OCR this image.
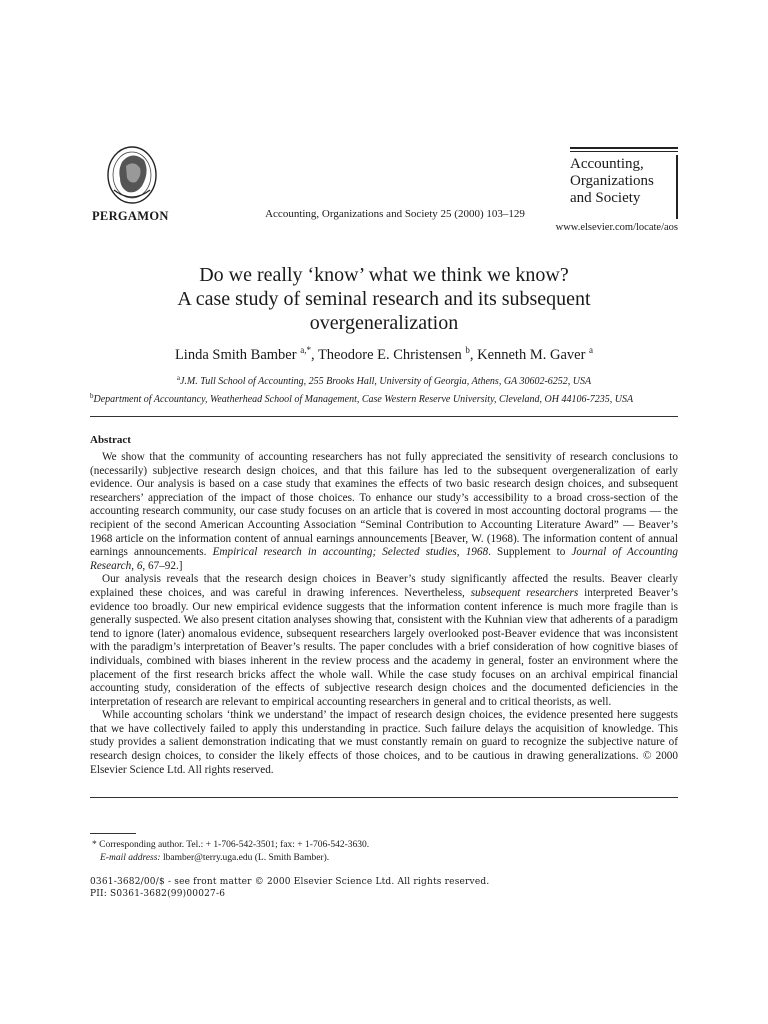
PERGAMON	Accounting, Organizations and Society 25 (2000) 103–129
Accounting,
Organizations
and Society
www.elsevier.com/locate/aos
Do we really ‘know’ what we think we know?
A case study of seminal research and its subsequent
overgeneralization
Linda Smith Bamber $^{a,*}$, Theodore E. Christensen $^b$, Kenneth M. Gaver $^a$
$^a$J.M. Tull School of Accounting, 255 Brooks Hall, University of Georgia, Athens, GA 30602-6252, USA
$^b$Department of Accountancy, Weatherhead School of Management, Case Western Reserve University, Cleveland, OH 44106-7235, USA
Abstract

We show that the community of accounting researchers has not fully appreciated the sensitivity of research conclusions to (necessarily) subjective research design choices, and that this failure has led to the subsequent overgeneralization of early evidence. Our analysis is based on a case study that examines the effects of two basic research design choices, and subsequent researchers’ appreciation of the impact of those choices. To enhance our study’s accessibility to a broad cross-section of the accounting research community, our case study focuses on an article that is covered in most accounting doctoral programs — the recipient of the second American Accounting Association “Seminal Contribution to Accounting Literature Award” — Beaver’s 1968 article on the information content of annual earnings announcements [Beaver, W. (1968). The information content of annual earnings announcements. Empirical research in accounting; Selected studies, 1968. Supplement to Journal of Accounting Research, 6, 67–92.]

Our analysis reveals that the research design choices in Beaver’s study significantly affected the results. Beaver clearly explained these choices, and was careful in drawing inferences. Nevertheless, subsequent researchers interpreted Beaver’s evidence too broadly. Our new empirical evidence suggests that the information content inference is much more fragile than is generally suspected. We also present citation analyses showing that, consistent with the Kuhnian view that adherents of a paradigm tend to ignore (later) anomalous evidence, subsequent researchers largely overlooked post-Beaver evidence that was inconsistent with the paradigm’s interpretation of Beaver’s results. The paper concludes with a brief consideration of how cognitive biases of individuals, combined with biases inherent in the review process and the academy in general, foster an environment where the placement of the first research bricks affect the whole wall. While the case study focuses on an archival empirical financial accounting study, consideration of the effects of subjective research design choices and the documented deficiencies in the interpretation of research are relevant to empirical accounting researchers in general and to critical theorists, as well.

While accounting scholars ‘think we understand’ the impact of research design choices, the evidence presented here suggests that we have collectively failed to apply this understanding in practice. Such failure delays the acquisition of knowledge. This study provides a salient demonstration indicating that we must constantly remain on guard to recognize the subjective nature of research design choices, to consider the likely effects of those choices, and to be cautious in drawing generalizations. © 2000 Elsevier Science Ltd. All rights reserved.

* Corresponding author. Tel.: + 1-706-542-3501; fax: + 1-706-542-3630.
E-mail address: lbamber@terry.uga.edu (L. Smith Bamber).
0361-3682/00/$ - see front matter © 2000 Elsevier Science Ltd. All rights reserved.
PII: S0361-3682(99)00027-6
